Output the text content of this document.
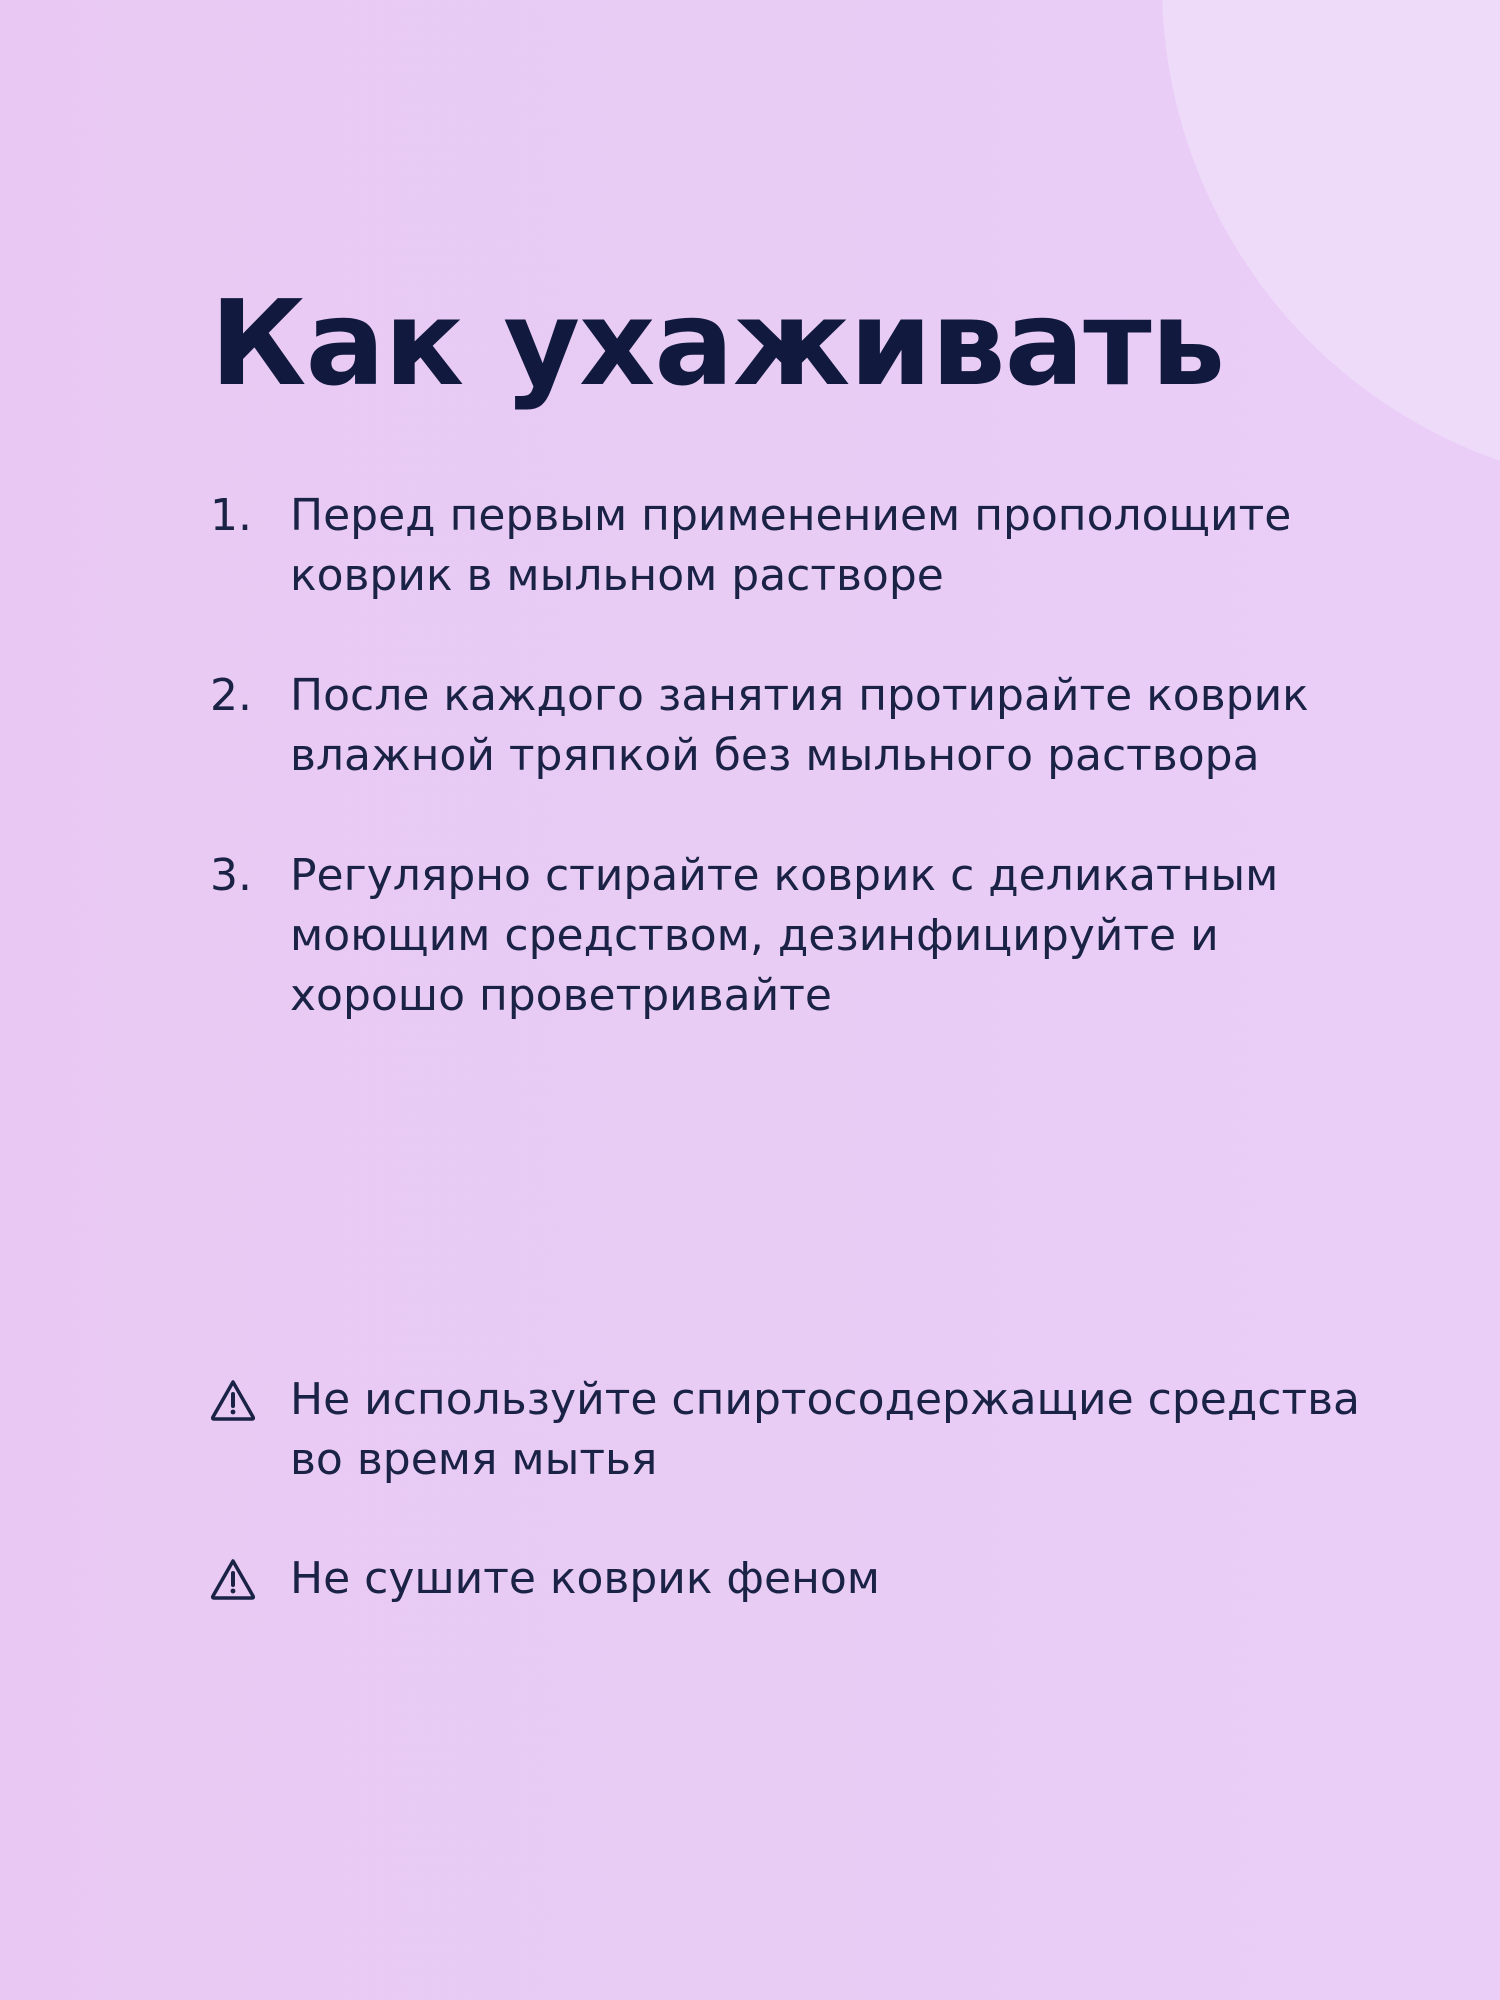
Как ухаживать
1. Перед первым применением прополощите коврик в мыльном растворе
2. После каждого занятия протирайте коврик влажной тряпкой без мыльного раствора
3. Регулярно стирайте коврик с деликатным моющим средством, дезинфицируйте и хорошо проветривайте
Не используйте спиртосодержащие средства во время мытья
Не сушите коврик феном
